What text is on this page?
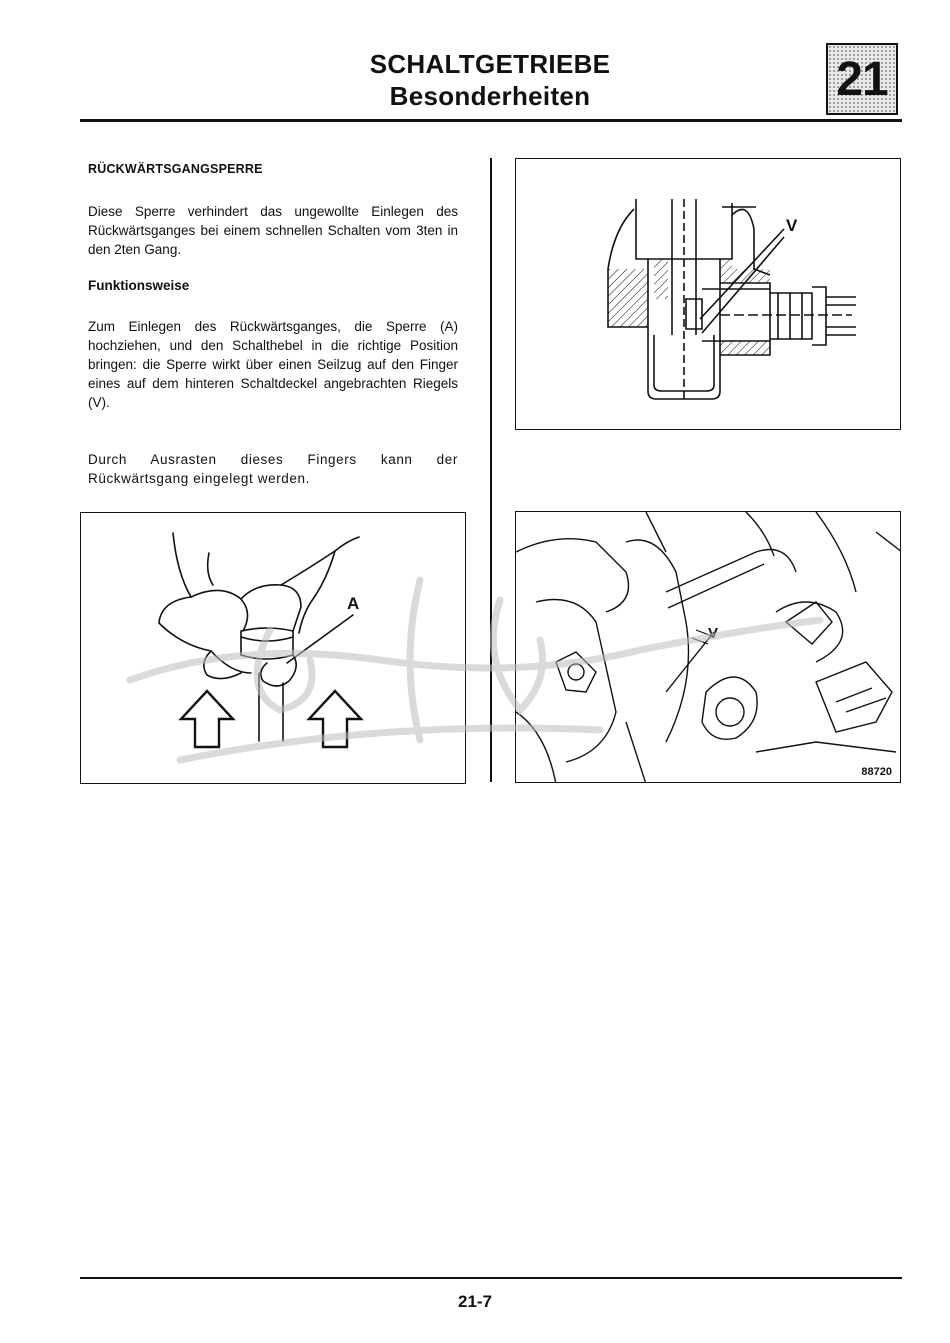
SCHALTGETRIEBE
Besonderheiten	21
RÜCKWÄRTSGANGSPERRE
Diese Sperre verhindert das ungewollte Einlegen des Rückwärtsganges bei einem schnellen Schalten vom 3ten in den 2ten Gang.
Funktionsweise
Zum Einlegen des Rückwärtsganges, die Sperre (A) hochziehen, und den Schalthebel in die richtige Position bringen: die Sperre wirkt über einen Seilzug auf den Finger eines auf dem hinteren Schaltdeckel angebrachten Riegels (V).
Durch Ausrasten dieses Fingers kann der Rückwärtsgang eingelegt werden.
A
V
V
88720
21-7
